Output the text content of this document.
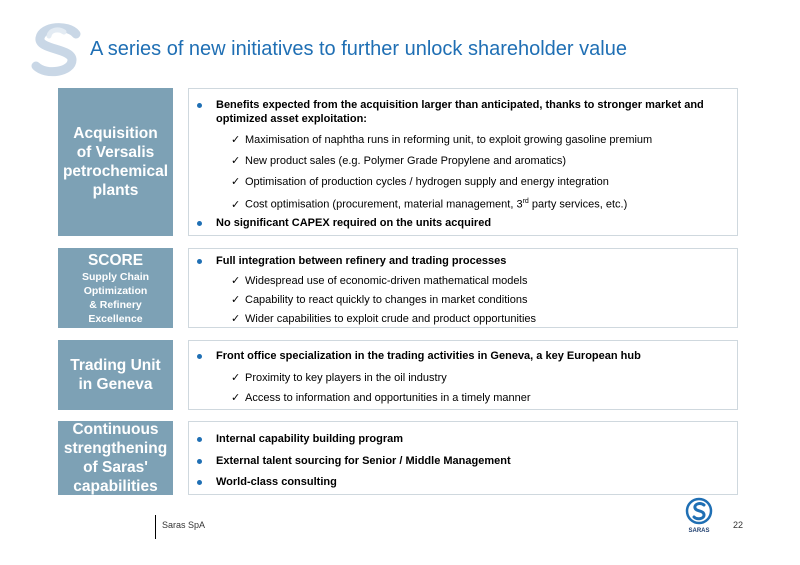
A series of new initiatives to further unlock shareholder value
Acquisition
of Versalis
petrochemical
plants
Benefits expected from the acquisition larger than anticipated, thanks to stronger market and optimized asset exploitation:
✓ Maximisation of naphtha runs in reforming unit, to exploit growing gasoline premium
✓ New product sales (e.g. Polymer Grade Propylene and aromatics)
✓ Optimisation of production cycles / hydrogen supply and energy integration
✓ Cost optimisation (procurement, material management, 3rd party services, etc.)
No significant CAPEX required on the units acquired
SCORE
Supply Chain
Optimization
& Refinery
Excellence
Full integration between refinery and trading processes
✓ Widespread use of economic-driven mathematical models
✓ Capability to react quickly to changes in market conditions
✓ Wider capabilities to exploit crude and product opportunities
Trading Unit
in Geneva
Front office specialization in the trading activities in Geneva, a key European hub
✓ Proximity to key players in the oil industry
✓ Access to information and opportunities in a timely manner
Continuous
strengthening
of Saras'
capabilities
Internal capability building program
External talent sourcing for Senior / Middle Management
World-class consulting
Saras SpA
SARAS
22
